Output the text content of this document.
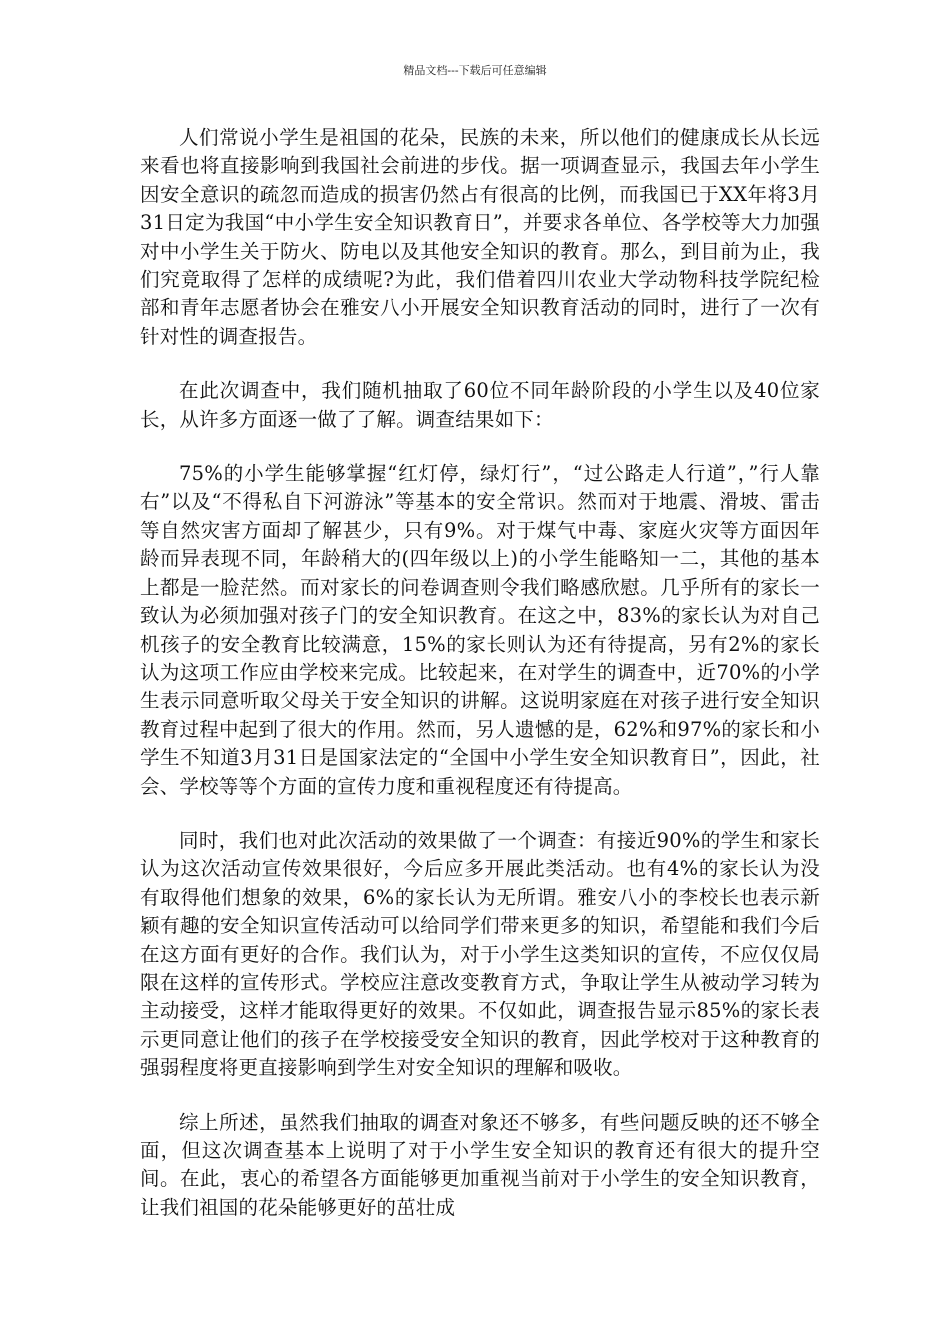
精品文档---下载后可任意编辑

人们常说小学生是祖国的花朵，民族的未来，所以他们的健康成长从长远来看也将直接影响到我国社会前进的步伐。据一项调查显示，我国去年小学生因安全意识的疏忽而造成的损害仍然占有很高的比例，而我国已于XX年将3月31日定为我国“中小学生安全知识教育日”，并要求各单位、各学校等大力加强对中小学生关于防火、防电以及其他安全知识的教育。那么，到目前为止，我们究竟取得了怎样的成绩呢?为此，我们借着四川农业大学动物科技学院纪检部和青年志愿者协会在雅安八小开展安全知识教育活动的同时，进行了一次有针对性的调查报告。

在此次调查中，我们随机抽取了60位不同年龄阶段的小学生以及40位家长，从许多方面逐一做了了解。调查结果如下：

75%的小学生能够掌握“红灯停，绿灯行”，“过公路走人行道”，”行人靠右”以及“不得私自下河游泳”等基本的安全常识。然而对于地震、滑坡、雷击等自然灾害方面却了解甚少，只有9%。对于煤气中毒、家庭火灾等方面因年龄而异表现不同，年龄稍大的(四年级以上)的小学生能略知一二，其他的基本上都是一脸茫然。而对家长的问卷调查则令我们略感欣慰。几乎所有的家长一致认为必须加强对孩子门的安全知识教育。在这之中，83%的家长认为对自己机孩子的安全教育比较满意，15%的家长则认为还有待提高，另有2%的家长认为这项工作应由学校来完成。比较起来，在对学生的调查中，近70%的小学生表示同意听取父母关于安全知识的讲解。这说明家庭在对孩子进行安全知识教育过程中起到了很大的作用。然而，另人遗憾的是，62%和97%的家长和小学生不知道3月31日是国家法定的“全国中小学生安全知识教育日”，因此，社会、学校等等个方面的宣传力度和重视程度还有待提高。

同时，我们也对此次活动的效果做了一个调查：有接近90%的学生和家长认为这次活动宣传效果很好，今后应多开展此类活动。也有4%的家长认为没有取得他们想象的效果，6%的家长认为无所谓。雅安八小的李校长也表示新颖有趣的安全知识宣传活动可以给同学们带来更多的知识，希望能和我们今后在这方面有更好的合作。我们认为，对于小学生这类知识的宣传，不应仅仅局限在这样的宣传形式。学校应注意改变教育方式，争取让学生从被动学习转为主动接受，这样才能取得更好的效果。不仅如此，调查报告显示85%的家长表示更同意让他们的孩子在学校接受安全知识的教育，因此学校对于这种教育的强弱程度将更直接影响到学生对安全知识的理解和吸收。

综上所述，虽然我们抽取的调查对象还不够多，有些问题反映的还不够全面，但这次调查基本上说明了对于小学生安全知识的教育还有很大的提升空间。在此，衷心的希望各方面能够更加重视当前对于小学生的安全知识教育，让我们祖国的花朵能够更好的茁壮成
